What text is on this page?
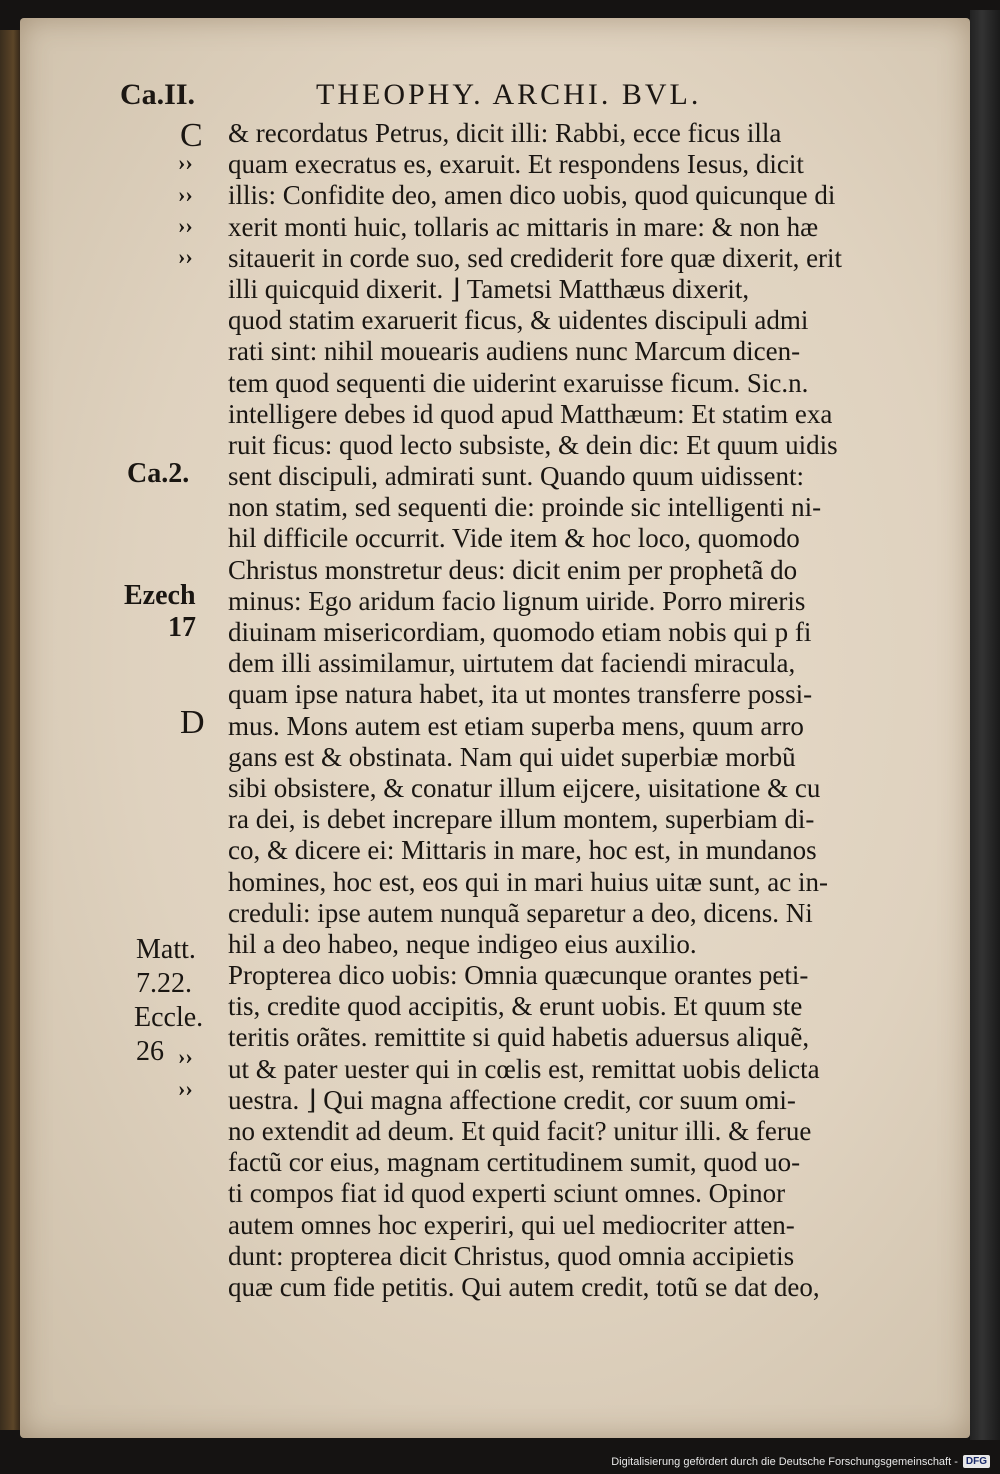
Ca.II.	THEOPHY. ARCHI. BVL.
C
Ca.2.
Ezech
17
D
Matt.
7.22.
Eccle.
26
››
››
››
››
››
››
& recordatus Petrus, dicit illi: Rabbi, ecce ficus illa
quam execratus es, exaruit. Et respondens Iesus, dicit
illis: Confidite deo, amen dico uobis, quod quicunque di
xerit monti huic, tollaris ac mittaris in mare: & non hæ
sitauerit in corde suo, sed crediderit fore quæ dixerit, erit
illi quicquid dixerit. ⌋ Tametsi Matthæus dixerit,
quod statim exaruerit ficus, & uidentes discipuli admi
rati sint: nihil mouearis audiens nunc Marcum dicen-
tem quod sequenti die uiderint exaruisse ficum. Sic.n.
intelligere debes id quod apud Matthæum: Et statim exa
ruit ficus: quod lecto subsiste, & dein dic: Et quum uidis
sent discipuli, admirati sunt. Quando quum uidissent:
non statim, sed sequenti die: proinde sic intelligenti ni-
hil difficile occurrit. Vide item & hoc loco, quomodo
Christus monstretur deus: dicit enim per prophetã do
minus: Ego aridum facio lignum uiride. Porro mireris
diuinam misericordiam, quomodo etiam nobis qui p fi
dem illi assimilamur, uirtutem dat faciendi miracula,
quam ipse natura habet, ita ut montes transferre possi-
mus. Mons autem est etiam superba mens, quum arro
gans est & obstinata. Nam qui uidet superbiæ morbũ
sibi obsistere, & conatur illum eijcere, uisitatione & cu
ra dei, is debet increpare illum montem, superbiam di-
co, & dicere ei: Mittaris in mare, hoc est, in mundanos
homines, hoc est, eos qui in mari huius uitæ sunt, ac in-
creduli: ipse autem nunquã separetur a deo, dicens. Ni
hil a deo habeo, neque indigeo eius auxilio.
Propterea dico uobis: Omnia quæcunque orantes peti-
tis, credite quod accipitis, & erunt uobis. Et quum ste
teritis orãtes. remittite si quid habetis aduersus aliquẽ,
ut & pater uester qui in cœlis est, remittat uobis delicta
uestra. ⌋ Qui magna affectione credit, cor suum omi-
no extendit ad deum. Et quid facit? unitur illi. & ferue
factũ cor eius, magnam certitudinem sumit, quod uo-
ti compos fiat id quod experti sciunt omnes. Opinor
autem omnes hoc experiri, qui uel mediocriter atten-
dunt: propterea dicit Christus, quod omnia accipietis
quæ cum fide petitis. Qui autem credit, totũ se dat deo,
Digitalisierung gefördert durch die Deutsche Forschungsgemeinschaft - DFG
